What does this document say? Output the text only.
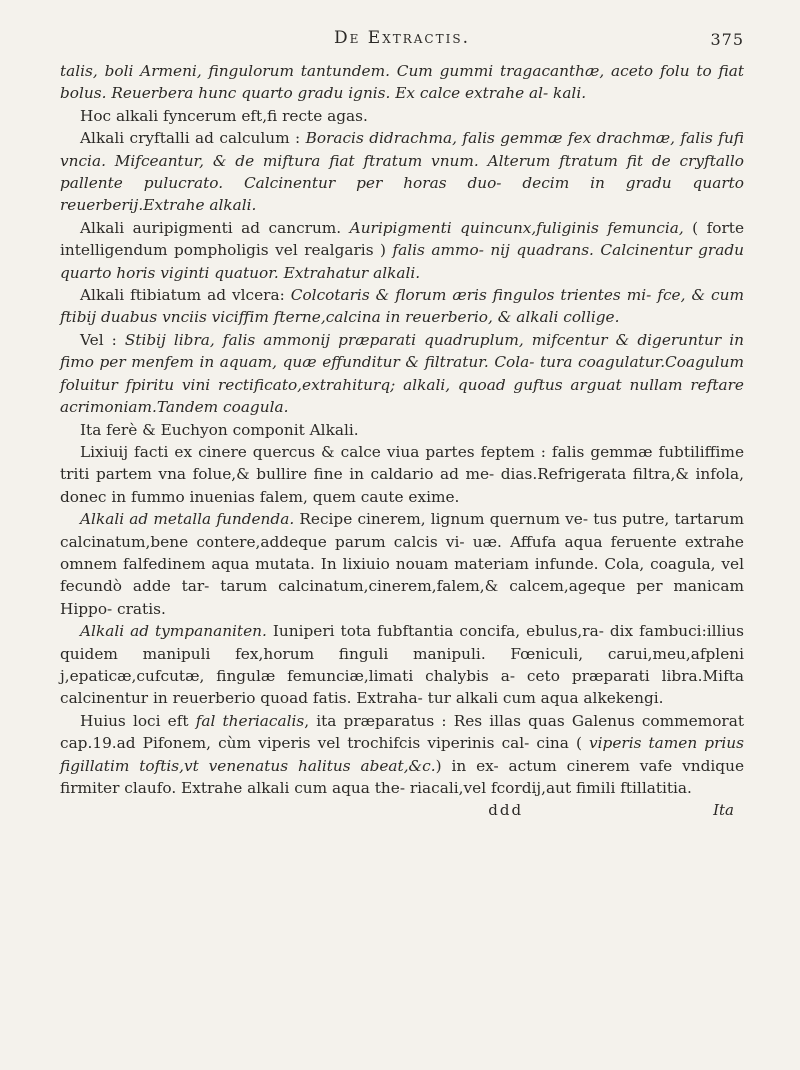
De Extractis.	375

talis, boli Armeni, fingulorum tantundem. Cum gummi tragacanthæ, aceto folu to fiat bolus. Reuerbera hunc quarto gradu ignis. Ex calce extrahe al- kali.

Hoc alkali fyncerum eft,fi recte agas.

Alkali cryftalli ad calculum : Boracis didrachma, falis gemmæ fex drachmæ, falis fufi vncia. Mifceantur, & de miftura fiat ftratum vnum. Alterum ftratum fit de cryftallo pallente pulucrato. Calcinentur per horas duo- decim in gradu quarto reuerberij.Extrahe alkali.

Alkali auripigmenti ad cancrum. Auripigmenti quincunx,fuliginis femuncia, ( forte intelligendum pompholigis vel realgaris ) falis ammo- nij quadrans. Calcinentur gradu quarto horis viginti quatuor. Extrahatur alkali.

Alkali ftibiatum ad vlcera: Colcotaris & florum æris fingulos trientes mi- fce, & cum ftibij duabus vnciis viciffim fterne,calcina in reuerberio, & alkali collige.

Vel : Stibij libra, falis ammonij præparati quadruplum, mifcentur & digeruntur in fimo per menfem in aquam, quæ effunditur & filtratur. Cola- tura coagulatur.Coagulum foluitur fpiritu vini rectificato,extrahiturq; alkali, quoad guftus arguat nullam reftare acrimoniam.Tandem coagula.

Ita ferè & Euchyon componit Alkali.

Lixiuij facti ex cinere quercus & calce viua partes feptem : falis gemmæ fubtiliffime triti partem vna folue,& bullire fine in caldario ad me- dias.Refrigerata filtra,& infola, donec in fummo inuenias falem, quem caute exime.

Alkali ad metalla fundenda. Recipe cinerem, lignum quernum ve- tus putre, tartarum calcinatum,bene contere,addeque parum calcis vi- uæ. Affufa aqua feruente extrahe omnem falfedinem aqua mutata. In lixiuio nouam materiam infunde. Cola, coagula, vel fecundò adde tar- tarum calcinatum,cinerem,falem,& calcem,ageque per manicam Hippo- cratis.

Alkali ad tympananiten. Iuniperi tota fubftantia concifa, ebulus,ra- dix fambuci:illius quidem manipuli fex,horum finguli manipuli. Fœniculi, carui,meu,afpleni j,epaticæ,cufcutæ, fingulæ femunciæ,limati chalybis a- ceto præparati libra.Mifta calcinentur in reuerberio quoad fatis. Extraha- tur alkali cum aqua alkekengi.

Huius loci eft fal theriacalis, ita præparatus : Res illas quas Galenus commemorat cap.19.ad Pifonem, cùm viperis vel trochifcis viperinis cal- cina ( viperis tamen prius figillatim toftis,vt venenatus halitus abeat,&c.) in ex- actum cinerem vafe vndique firmiter claufo. Extrahe alkali cum aqua the- riacali,vel fcordij,aut fimili ftillatitia.

ddd	Ita
